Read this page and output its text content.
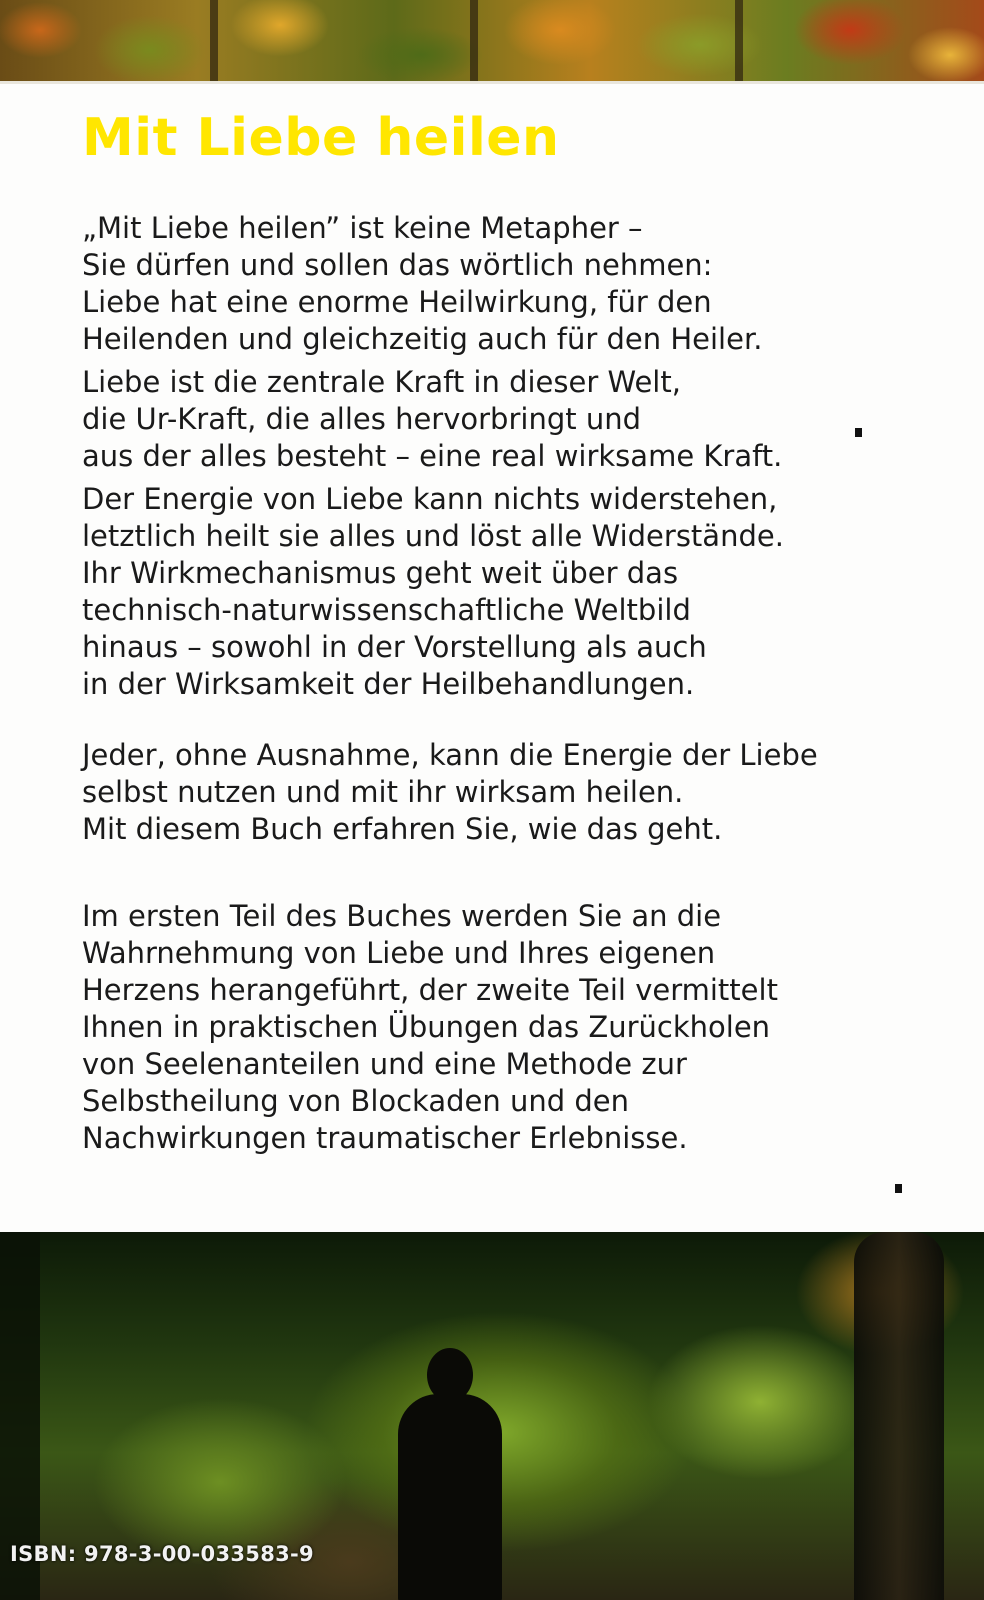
Mit Liebe heilen

„Mit Liebe heilen” ist keine Metapher –
Sie dürfen und sollen das wörtlich nehmen:
Liebe hat eine enorme Heilwirkung, für den
Heilenden und gleichzeitig auch für den Heiler.

Liebe ist die zentrale Kraft in dieser Welt,
die Ur-Kraft, die alles hervorbringt und
aus der alles besteht – eine real wirksame Kraft.

Der Energie von Liebe kann nichts widerstehen,
letztlich heilt sie alles und löst alle Widerstände.
Ihr Wirkmechanismus geht weit über das
technisch-naturwissenschaftliche Weltbild
hinaus – sowohl in der Vorstellung als auch
in der Wirksamkeit der Heilbehandlungen.

Jeder, ohne Ausnahme, kann die Energie der Liebe
selbst nutzen und mit ihr wirksam heilen.
Mit diesem Buch erfahren Sie, wie das geht.

Im ersten Teil des Buches werden Sie an die
Wahrnehmung von Liebe und Ihres eigenen
Herzens herangeführt, der zweite Teil vermittelt
Ihnen in praktischen Übungen das Zurückholen
von Seelenanteilen und eine Methode zur
Selbstheilung von Blockaden und den
Nachwirkungen traumatischer Erlebnisse.

ISBN: 978-3-00-033583-9
